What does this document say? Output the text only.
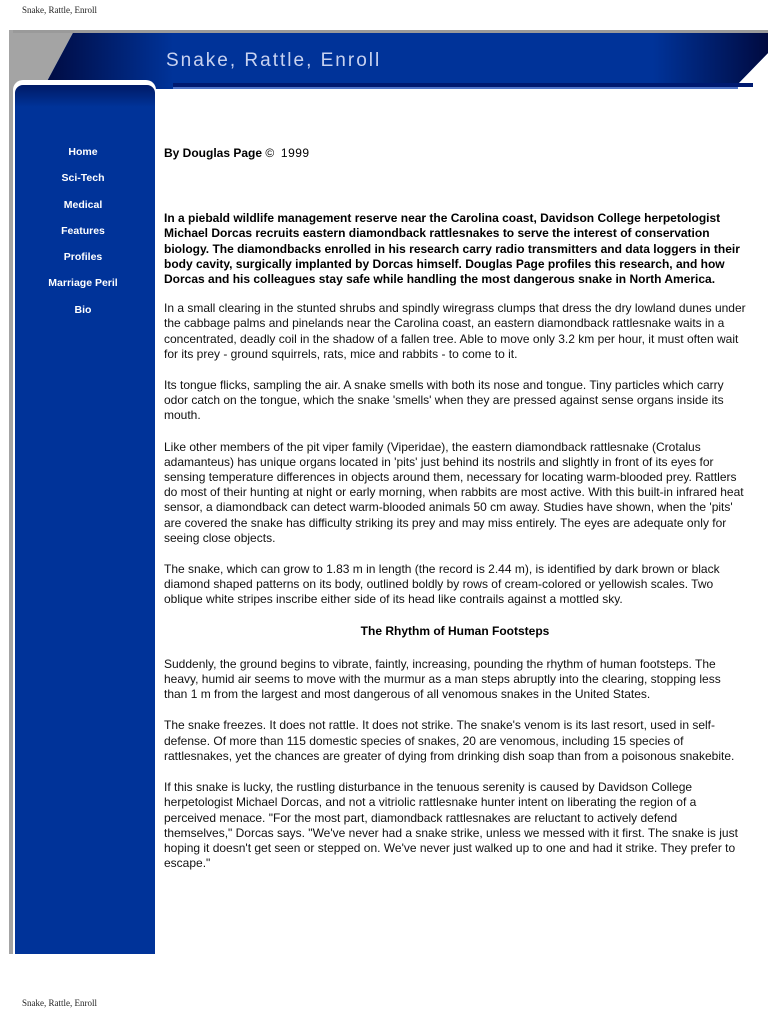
Snake, Rattle, Enroll
Snake, Rattle, Enroll
Home
Sci-Tech
Medical
Features
Profiles
Marriage Peril
Bio

By Douglas Page © 1999

In a piebald wildlife management reserve near the Carolina coast, Davidson College herpetologist Michael Dorcas recruits eastern diamondback rattlesnakes to serve the interest of conservation biology. The diamondbacks enrolled in his research carry radio transmitters and data loggers in their body cavity, surgically implanted by Dorcas himself. Douglas Page profiles this research, and how Dorcas and his colleagues stay safe while handling the most dangerous snake in North America.

In a small clearing in the stunted shrubs and spindly wiregrass clumps that dress the dry lowland dunes under the cabbage palms and pinelands near the Carolina coast, an eastern diamondback rattlesnake waits in a concentrated, deadly coil in the shadow of a fallen tree. Able to move only 3.2 km per hour, it must often wait for its prey - ground squirrels, rats, mice and rabbits - to come to it.

Its tongue flicks, sampling the air. A snake smells with both its nose and tongue. Tiny particles which carry odor catch on the tongue, which the snake 'smells' when they are pressed against sense organs inside its mouth.

Like other members of the pit viper family (Viperidae), the eastern diamondback rattlesnake (Crotalus adamanteus) has unique organs located in 'pits' just behind its nostrils and slightly in front of its eyes for sensing temperature differences in objects around them, necessary for locating warm-blooded prey. Rattlers do most of their hunting at night or early morning, when rabbits are most active. With this built-in infrared heat sensor, a diamondback can detect warm-blooded animals 50 cm away. Studies have shown, when the 'pits' are covered the snake has difficulty striking its prey and may miss entirely. The eyes are adequate only for seeing close objects.

The snake, which can grow to 1.83 m in length (the record is 2.44 m), is identified by dark brown or black diamond shaped patterns on its body, outlined boldly by rows of cream-colored or yellowish scales. Two oblique white stripes inscribe either side of its head like contrails against a mottled sky.

The Rhythm of Human Footsteps

Suddenly, the ground begins to vibrate, faintly, increasing, pounding the rhythm of human footsteps. The heavy, humid air seems to move with the murmur as a man steps abruptly into the clearing, stopping less than 1 m from the largest and most dangerous of all venomous snakes in the United States.

The snake freezes. It does not rattle. It does not strike. The snake's venom is its last resort, used in self-defense. Of more than 115 domestic species of snakes, 20 are venomous, including 15 species of rattlesnakes, yet the chances are greater of dying from drinking dish soap than from a poisonous snakebite.

If this snake is lucky, the rustling disturbance in the tenuous serenity is caused by Davidson College herpetologist Michael Dorcas, and not a vitriolic rattlesnake hunter intent on liberating the region of a perceived menace. "For the most part, diamondback rattlesnakes are reluctant to actively defend themselves," Dorcas says. "We've never had a snake strike, unless we messed with it first. The snake is just hoping it doesn't get seen or stepped on. We've never just walked up to one and had it strike. They prefer to escape."

Snake, Rattle, Enroll
